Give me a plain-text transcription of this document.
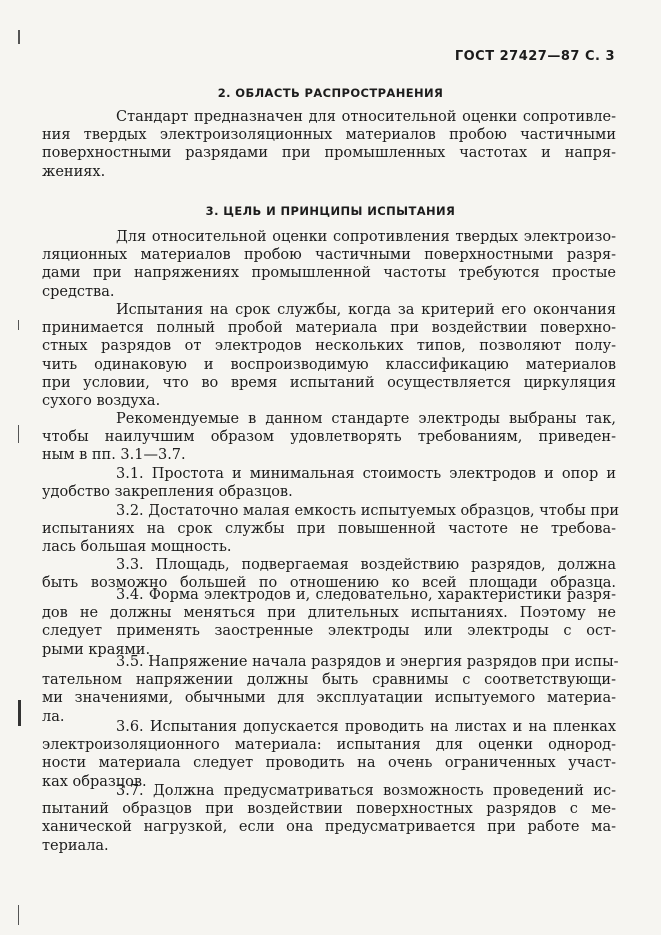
ГОСТ 27427—87 С. 3
2. ОБЛАСТЬ РАСПРОСТРАНЕНИЯ
Стандарт предназначен для относительной оценки сопротивле-
ния твердых электроизоляционных материалов пробою частичными
поверхностными разрядами при промышленных частотах и напря-
жениях.
3. ЦЕЛЬ И ПРИНЦИПЫ ИСПЫТАНИЯ
Для относительной оценки сопротивления твердых электроизо-
ляционных материалов пробою частичными поверхностными разря-
дами при напряжениях промышленной частоты требуются простые
средства.
Испытания на срок службы, когда за критерий его окончания
принимается полный пробой материала при воздействии поверхно-
стных разрядов от электродов нескольких типов, позволяют полу-
чить одинаковую и воспроизводимую классификацию материалов
при условии, что во время испытаний осуществляется циркуляция
сухого воздуха.
Рекомендуемые в данном стандарте электроды выбраны так,
чтобы наилучшим образом удовлетворять требованиям, приведен-
ным в пп. 3.1—3.7.
3.1. Простота и минимальная стоимость электродов и опор и
удобство закрепления образцов.
3.2. Достаточно малая емкость испытуемых образцов, чтобы при
испытаниях на срок службы при повышенной частоте не требова-
лась большая мощность.
3.3. Площадь, подвергаемая воздействию разрядов, должна
быть возможно большей по отношению ко всей площади образца.
3.4. Форма электродов и, следовательно, характеристики разря-
дов не должны меняться при длительных испытаниях. Поэтому не
следует применять заостренные электроды или электроды с ост-
рыми краями.
3.5. Напряжение начала разрядов и энергия разрядов при испы-
тательном напряжении должны быть сравнимы с соответствующи-
ми значениями, обычными для эксплуатации испытуемого материа-
ла.
3.6. Испытания допускается проводить на листах и на пленках
электроизоляционного материала: испытания для оценки однород-
ности материала следует проводить на очень ограниченных участ-
ках образцов.
3.7. Должна предусматриваться возможность проведений ис-
пытаний образцов при воздействии поверхностных разрядов с ме-
ханической нагрузкой, если она предусматривается при работе ма-
териала.
